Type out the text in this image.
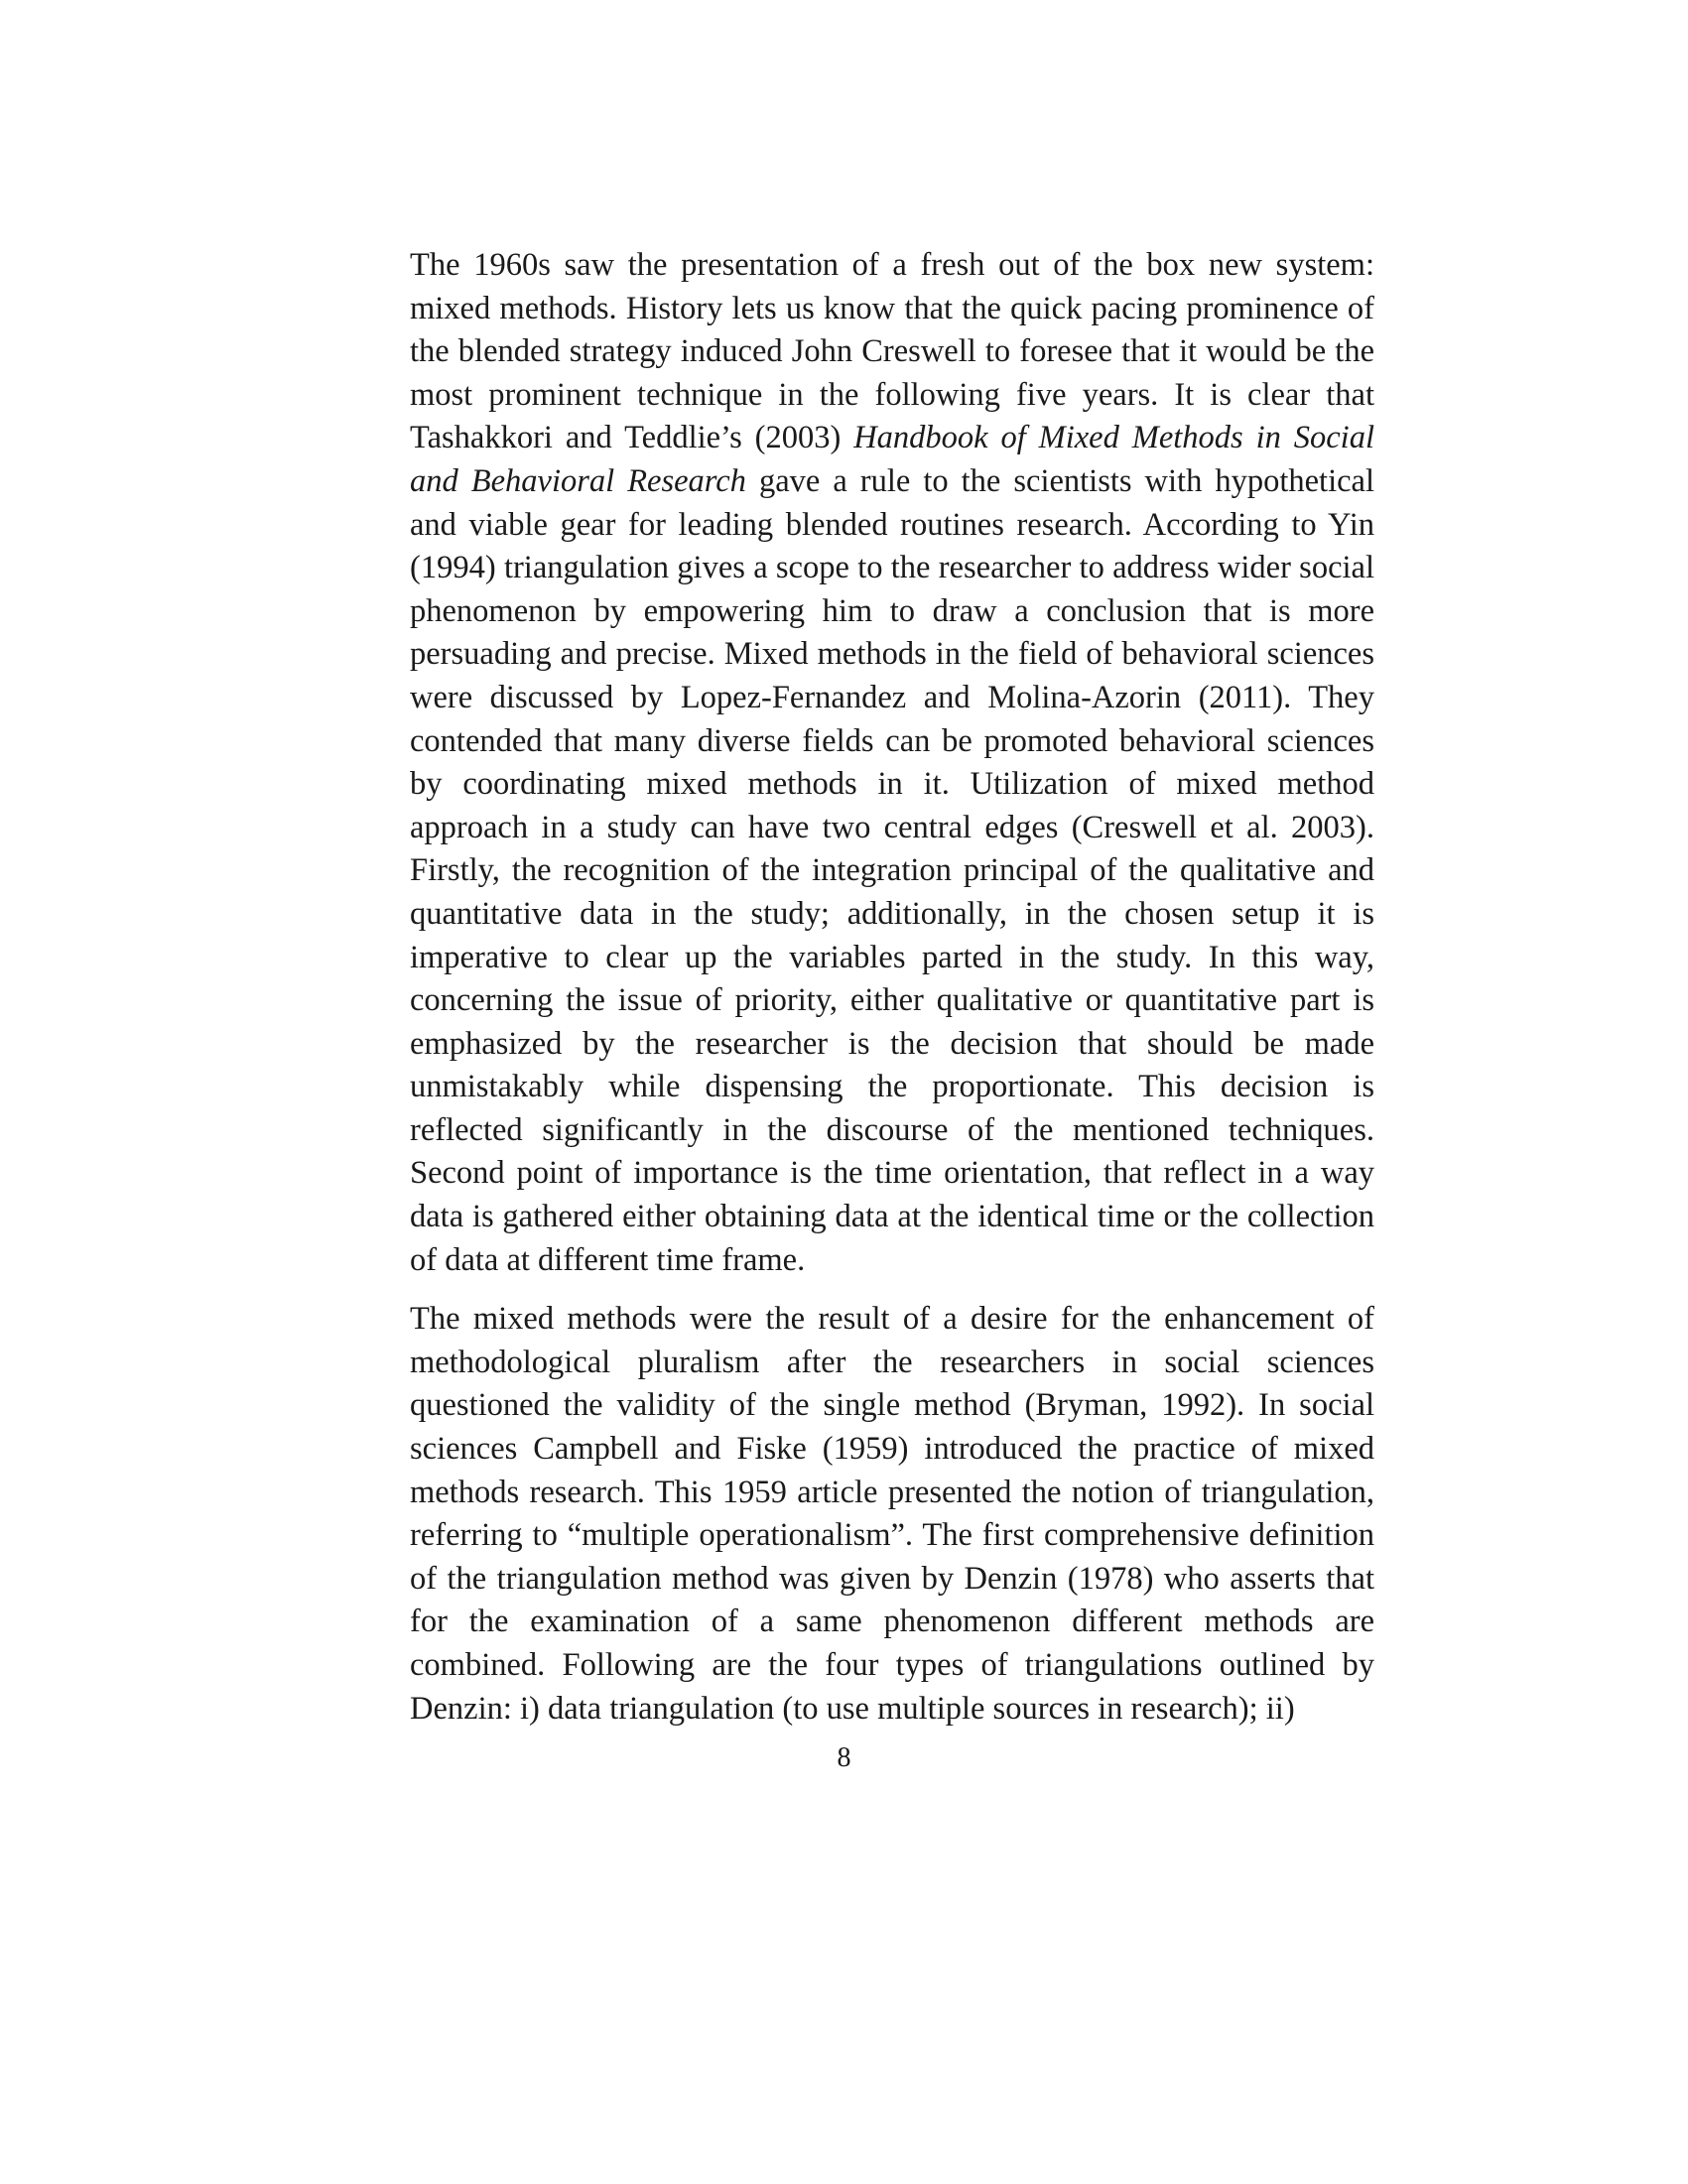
The 1960s saw the presentation of a fresh out of the box new system: mixed methods. History lets us know that the quick pacing prominence of the blended strategy induced John Creswell to foresee that it would be the most prominent technique in the following five years. It is clear that Tashakkori and Teddlie’s (2003) Handbook of Mixed Methods in Social and Behavioral Research gave a rule to the scientists with hypothetical and viable gear for leading blended routines research. According to Yin (1994) triangulation gives a scope to the researcher to address wider social phenomenon by empowering him to draw a conclusion that is more persuading and precise. Mixed methods in the field of behavioral sciences were discussed by Lopez-Fernandez and Molina-Azorin (2011). They contended that many diverse fields can be promoted behavioral sciences by coordinating mixed methods in it. Utilization of mixed method approach in a study can have two central edges (Creswell et al. 2003). Firstly, the recognition of the integration principal of the qualitative and quantitative data in the study; additionally, in the chosen setup it is imperative to clear up the variables parted in the study. In this way, concerning the issue of priority, either qualitative or quantitative part is emphasized by the researcher is the decision that should be made unmistakably while dispensing the proportionate. This decision is reflected significantly in the discourse of the mentioned techniques. Second point of importance is the time orientation, that reflect in a way data is gathered either obtaining data at the identical time or the collection of data at different time frame.

The mixed methods were the result of a desire for the enhancement of methodological pluralism after the researchers in social sciences questioned the validity of the single method (Bryman, 1992). In social sciences Campbell and Fiske (1959) introduced the practice of mixed methods research. This 1959 article presented the notion of triangulation, referring to “multiple operationalism”. The first comprehensive definition of the triangulation method was given by Denzin (1978) who asserts that for the examination of a same phenomenon different methods are combined. Following are the four types of triangulations outlined by Denzin: i) data triangulation (to use multiple sources in research); ii)

8
